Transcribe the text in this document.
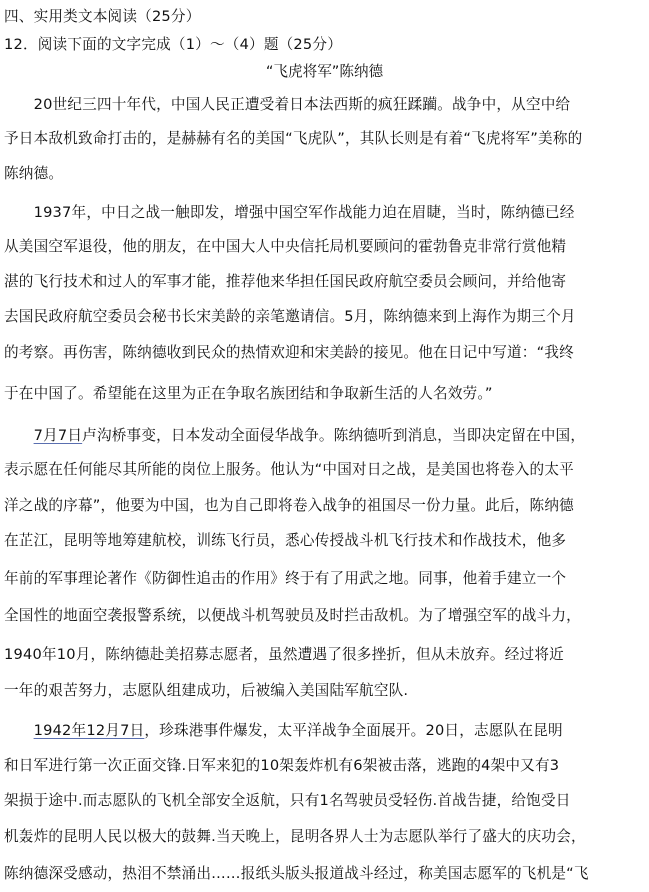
四、实用类文本阅读（25分）
12．阅读下面的文字完成（1）～（4）题（25分）
“飞虎将军”陈纳德
　　20世纪三四十年代，中国人民正遭受着日本法西斯的疯狂蹂躏。战争中，从空中给
予日本敌机致命打击的，是赫赫有名的美国“飞虎队”，其队长则是有着“飞虎将军”美称的
陈纳德。
　　1937年，中日之战一触即发，增强中国空军作战能力迫在眉睫，当时，陈纳德已经
从美国空军退役，他的朋友，在中国大人中央信托局机要顾问的霍勃鲁克非常行赏他精
湛的飞行技术和过人的军事才能，推荐他来华担任国民政府航空委员会顾问，并给他寄
去国民政府航空委员会秘书长宋美龄的亲笔邀请信。5月，陈纳德来到上海作为期三个月
的考察。再伤害，陈纳德收到民众的热情欢迎和宋美龄的接见。他在日记中写道：“我终
于在中国了。希望能在这里为正在争取名族团结和争取新生活的人名效劳。”
　　7月7日卢沟桥事变，日本发动全面侵华战争。陈纳德听到消息，当即决定留在中国，
表示愿在任何能尽其所能的岗位上服务。他认为“中国对日之战，是美国也将卷入的太平
洋之战的序幕”，他要为中国，也为自己即将卷入战争的祖国尽一份力量。此后，陈纳德
在芷江，昆明等地筹建航校，训练飞行员，悉心传授战斗机飞行技术和作战技术，他多
年前的军事理论著作《防御性追击的作用》终于有了用武之地。同事，他着手建立一个
全国性的地面空袭报警系统，以便战斗机驾驶员及时拦击敌机。为了增强空军的战斗力，
1940年10月，陈纳德赴美招募志愿者，虽然遭遇了很多挫折，但从未放弃。经过将近
一年的艰苦努力，志愿队组建成功，后被编入美国陆军航空队.
　　1942年12月7日，珍珠港事件爆发，太平洋战争全面展开。20日，志愿队在昆明
和日军进行第一次正面交锋.日军来犯的10架轰炸机有6架被击落，逃跑的4架中又有3
架损于途中.而志愿队的飞机全部安全返航，只有1名驾驶员受轻伤.首战告捷，给饱受日
机轰炸的昆明人民以极大的鼓舞.当天晚上，昆明各界人士为志愿队举行了盛大的庆功会，
陈纳德深受感动，热泪不禁涌出……报纸头版头报道战斗经过，称美国志愿军的飞机是“飞
